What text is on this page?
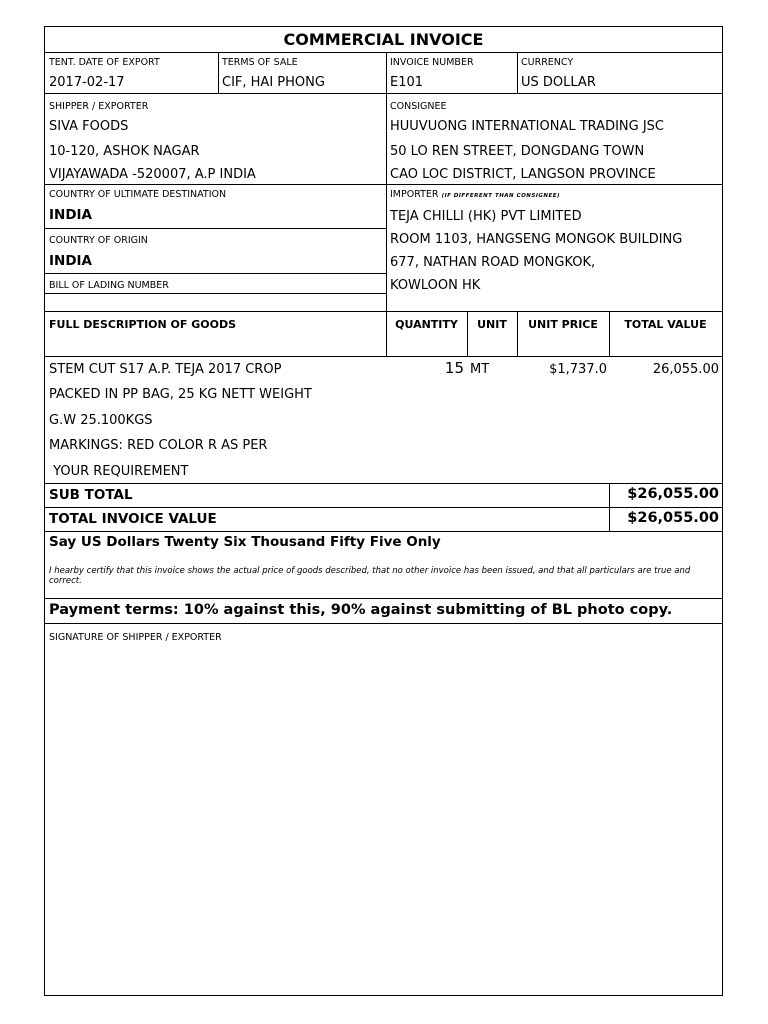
COMMERCIAL INVOICE
TENT. DATE OF EXPORT
2017-02-17
TERMS OF SALE
CIF, HAI PHONG
INVOICE NUMBER
E101
CURRENCY
US DOLLAR
SHIPPER / EXPORTER
SIVA FOODS
10-120, ASHOK NAGAR
VIJAYAWADA -520007, A.P INDIA
CONSIGNEE
HUUVUONG INTERNATIONAL TRADING JSC
50 LO REN STREET, DONGDANG TOWN
CAO LOC DISTRICT, LANGSON PROVINCE
COUNTRY OF ULTIMATE DESTINATION
INDIA
COUNTRY OF ORIGIN
INDIA
BILL OF LADING NUMBER
IMPORTER (IF DIFFERENT THAN CONSIGNEE)
TEJA CHILLI (HK) PVT LIMITED
ROOM 1103, HANGSENG MONGOK BUILDING
677, NATHAN ROAD MONGKOK,
KOWLOON HK
FULL DESCRIPTION OF GOODS	QUANTITY	UNIT	UNIT PRICE	TOTAL VALUE
STEM CUT S17 A.P. TEJA 2017 CROP
PACKED IN PP BAG, 25 KG NETT WEIGHT
G.W 25.100KGS
MARKINGS: RED COLOR R AS PER
YOUR REQUIREMENT
15 MT	$1,737.0	26,055.00
SUB TOTAL	$26,055.00
TOTAL INVOICE VALUE	$26,055.00
Say US Dollars Twenty Six Thousand Fifty Five Only
I hearby certify that this invoice shows the actual price of goods described, that no other invoice has been issued, and that all particulars are true and correct.
Payment terms: 10% against this, 90% against submitting of BL photo copy.
SIGNATURE OF SHIPPER / EXPORTER
